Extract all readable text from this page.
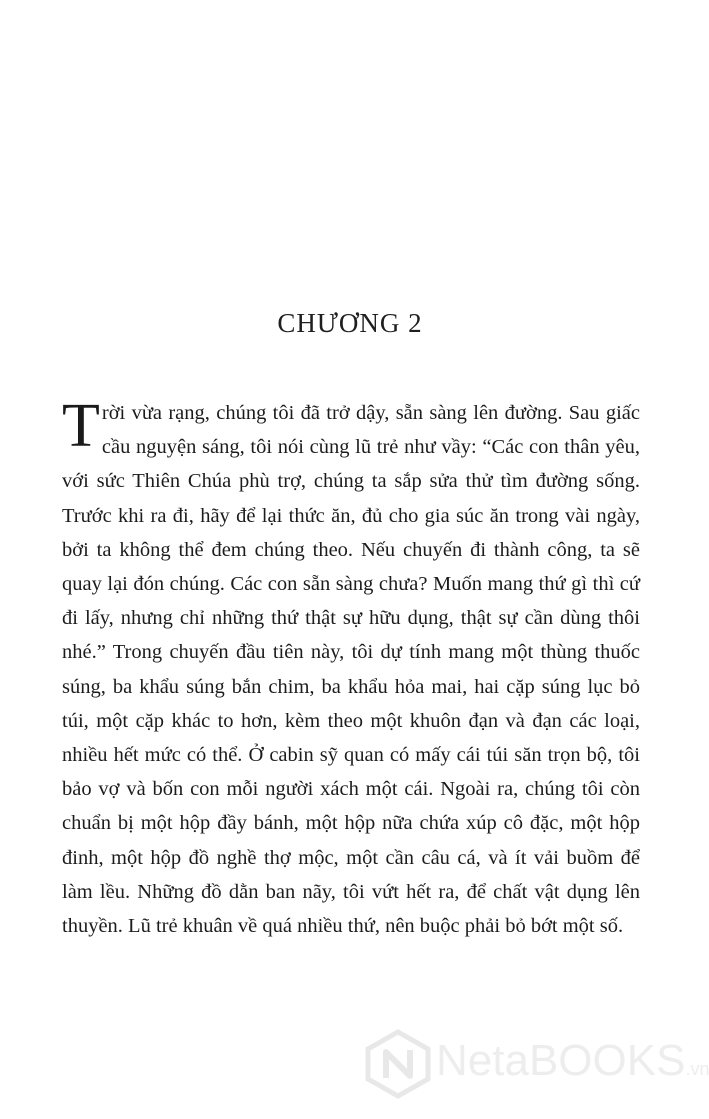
CHƯƠNG 2
Trời vừa rạng, chúng tôi đã trở dậy, sẵn sàng lên đường. Sau giấc cầu nguyện sáng, tôi nói cùng lũ trẻ như vầy: “Các con thân yêu, với sức Thiên Chúa phù trợ, chúng ta sắp sửa thử tìm đường sống. Trước khi ra đi, hãy để lại thức ăn, đủ cho gia súc ăn trong vài ngày, bởi ta không thể đem chúng theo. Nếu chuyến đi thành công, ta sẽ quay lại đón chúng. Các con sẵn sàng chưa? Muốn mang thứ gì thì cứ đi lấy, nhưng chỉ những thứ thật sự hữu dụng, thật sự cần dùng thôi nhé.” Trong chuyến đầu tiên này, tôi dự tính mang một thùng thuốc súng, ba khẩu súng bắn chim, ba khẩu hỏa mai, hai cặp súng lục bỏ túi, một cặp khác to hơn, kèm theo một khuôn đạn và đạn các loại, nhiều hết mức có thể. Ở cabin sỹ quan có mấy cái túi săn trọn bộ, tôi bảo vợ và bốn con mỗi người xách một cái. Ngoài ra, chúng tôi còn chuẩn bị một hộp đầy bánh, một hộp nữa chứa xúp cô đặc, một hộp đinh, một hộp đồ nghề thợ mộc, một cần câu cá, và ít vải buồm để làm lều. Những đồ dằn ban nãy, tôi vứt hết ra, để chất vật dụng lên thuyền. Lũ trẻ khuân về quá nhiều thứ, nên buộc phải bỏ bớt một số.
NetaBOOKS.vn
